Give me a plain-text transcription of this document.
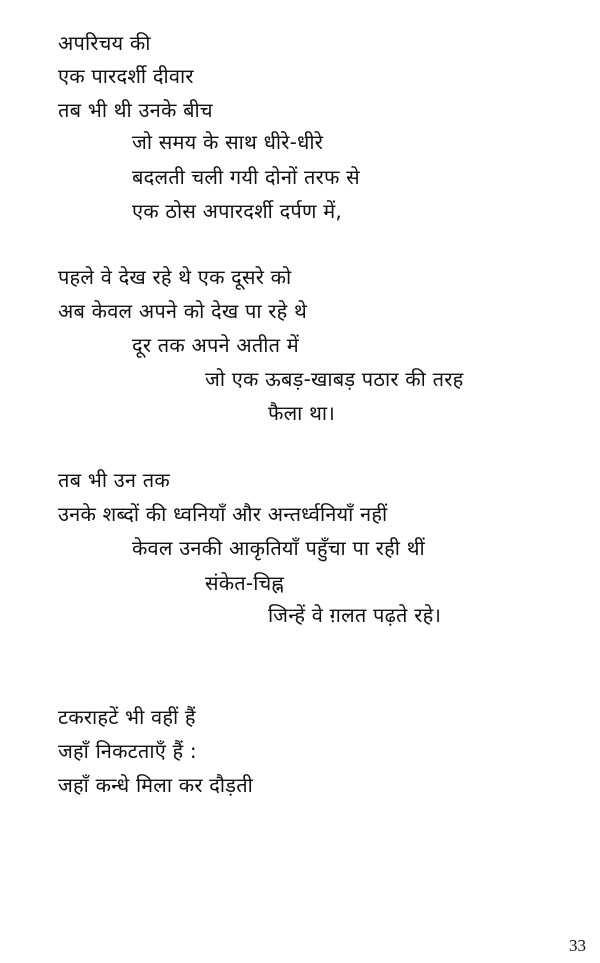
अपरिचय की
एक पारदर्शी दीवार
तब भी थी उनके बीच
जो समय के साथ धीरे-धीरे
बदलती चली गयी दोनों तरफ से
एक ठोस अपारदर्शी दर्पण में,
पहले वे देख रहे थे एक दूसरे को
अब केवल अपने को देख पा रहे थे
दूर तक अपने अतीत में
जो एक ऊबड़-खाबड़ पठार की तरह
फैला था।
तब भी उन तक
उनके शब्दों की ध्वनियाँ और अन्तर्ध्वनियाँ नहीं
केवल उनकी आकृतियाँ पहुँचा पा रही थीं
संकेत-चिह्न
जिन्हें वे ग़लत पढ़ते रहे।
टकराहटें भी वहीं हैं
जहाँ निकटताएँ हैं :
जहाँ कन्धे मिला कर दौड़ती
33
